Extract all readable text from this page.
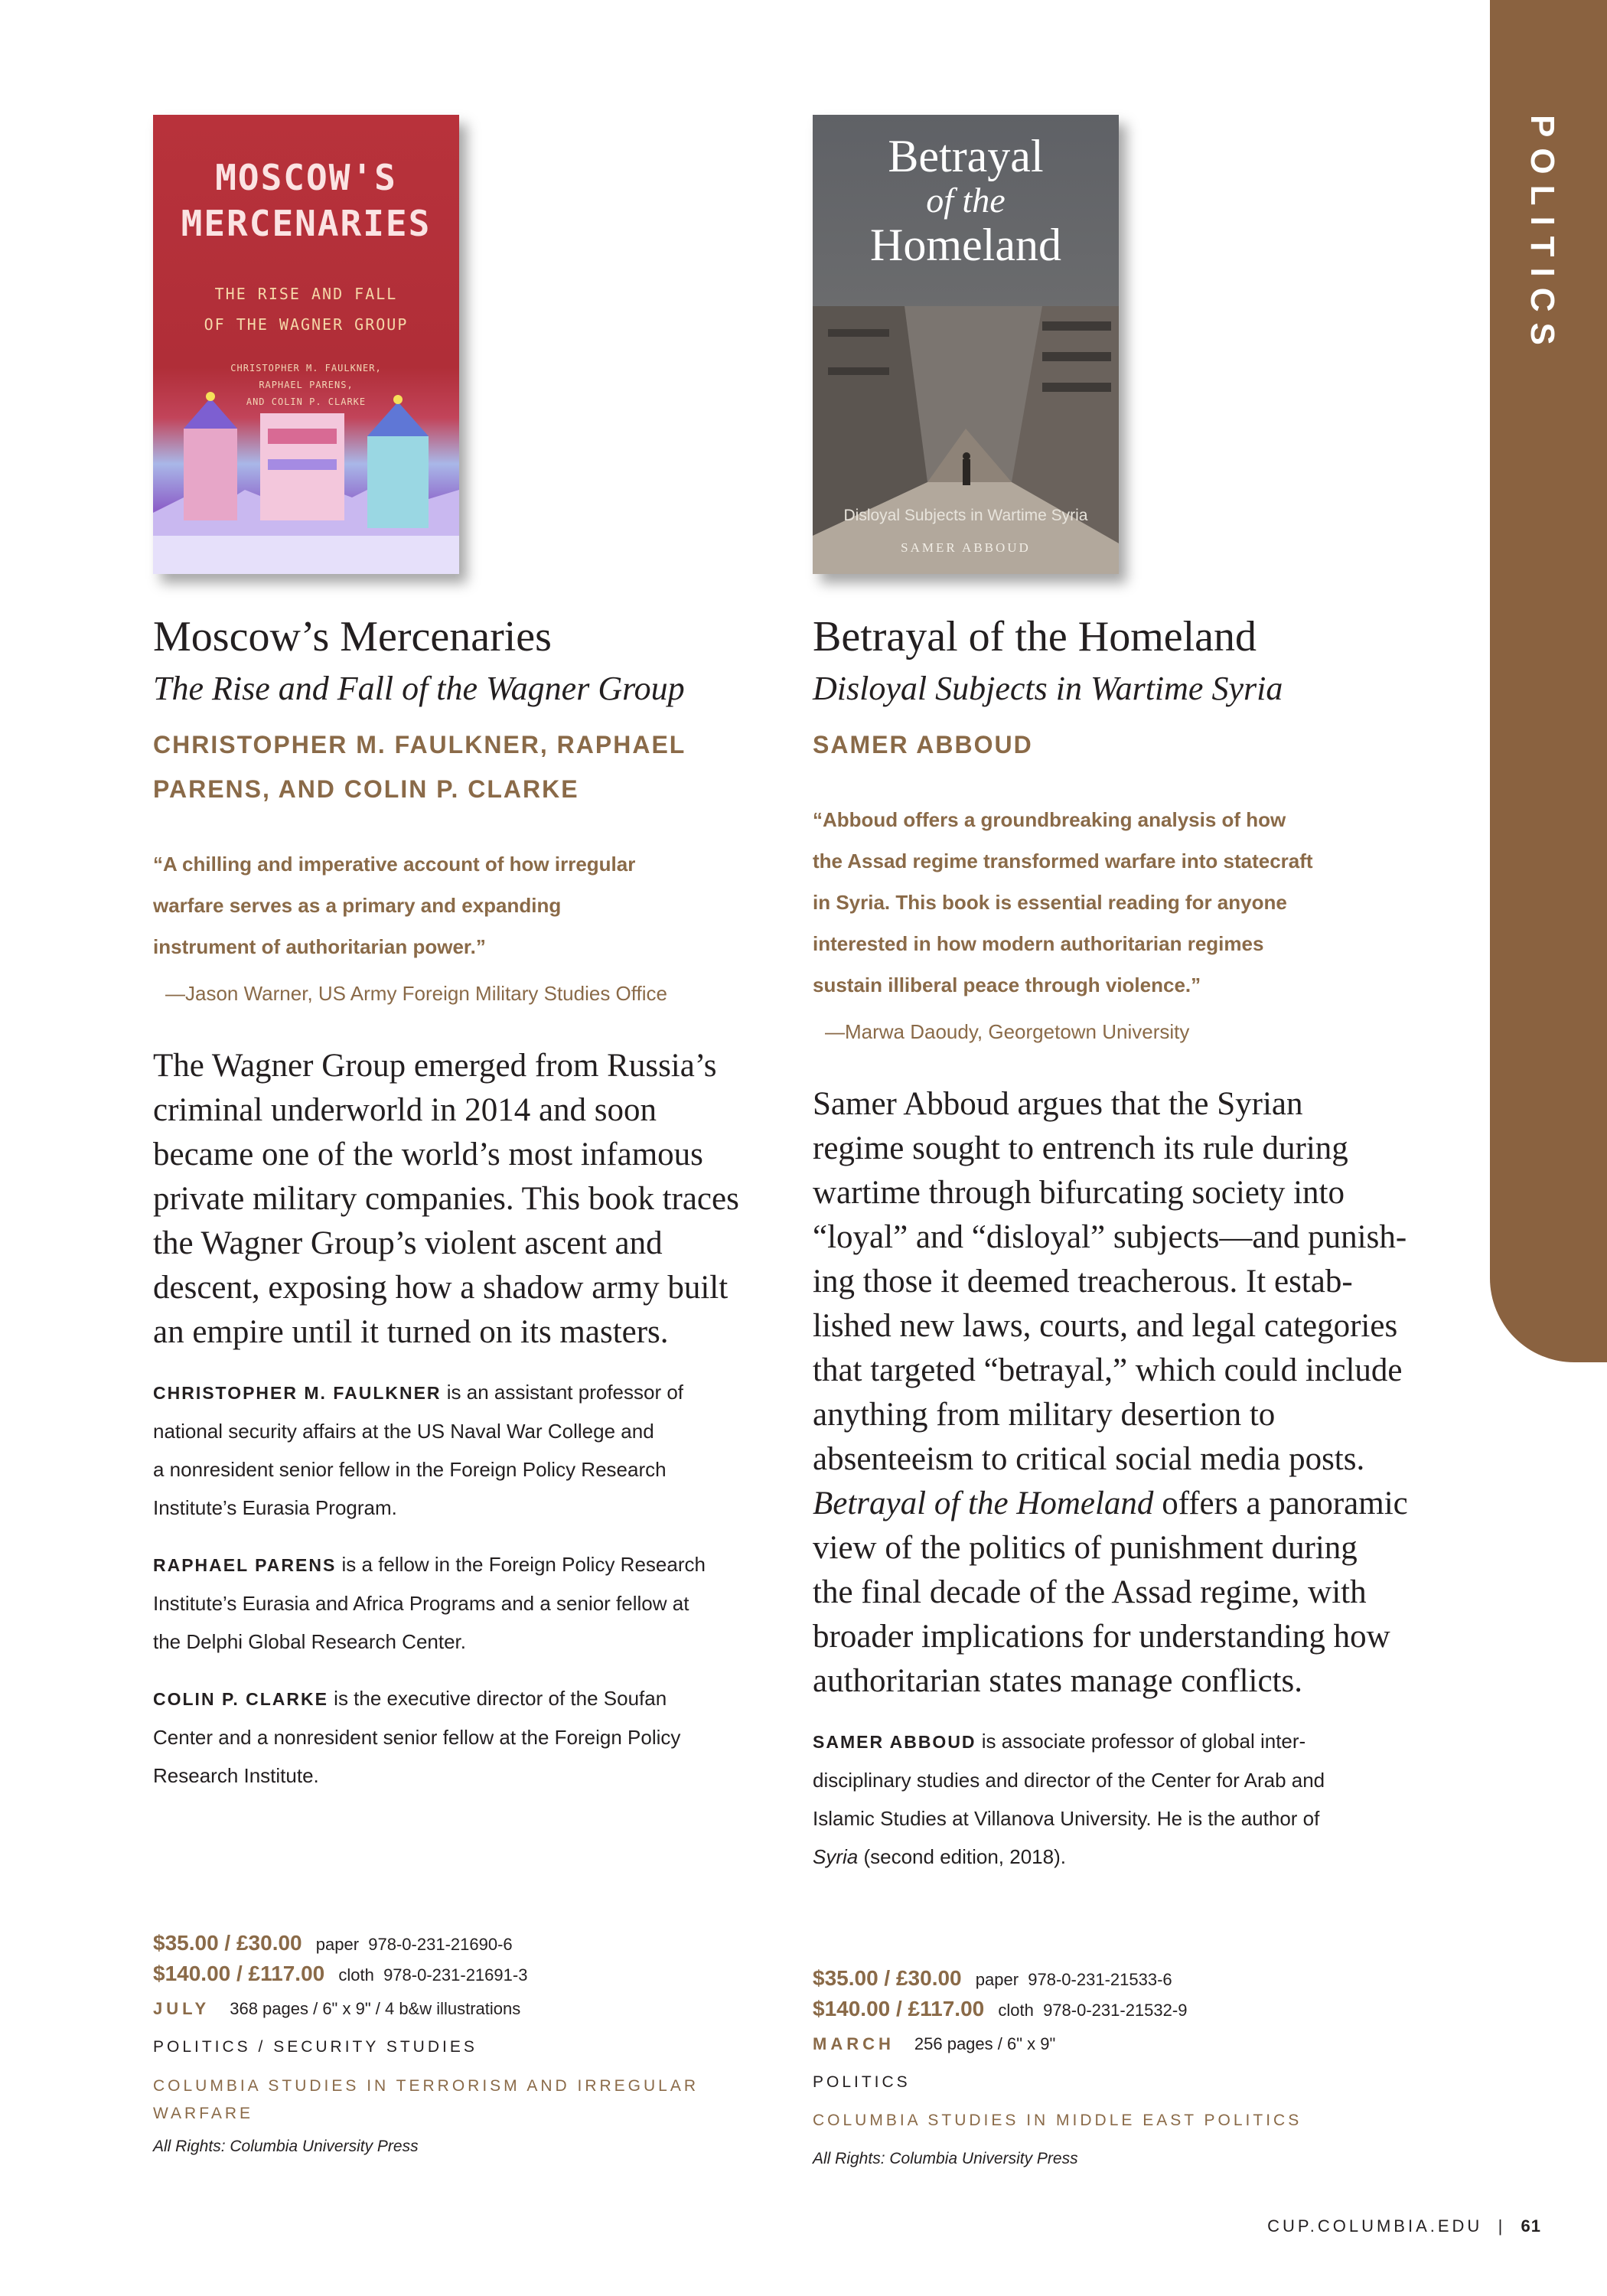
POLITICS
MOSCOW'S
MERCENARIES
THE RISE AND FALL
OF THE WAGNER GROUP
CHRISTOPHER M. FAULKNER,
RAPHAEL PARENS,
AND COLIN P. CLARKE
Moscow’s Mercenaries
The Rise and Fall of the Wagner Group
CHRISTOPHER M. FAULKNER, RAPHAEL
PARENS, AND COLIN P. CLARKE
“A chilling and imperative account of how irregular
warfare serves as a primary and expanding
instrument of authoritarian power.”
—Jason Warner, US Army Foreign Military Studies Office
The Wagner Group emerged from Russia’s
criminal underworld in 2014 and soon
became one of the world’s most infamous
private military companies. This book traces
the Wagner Group’s violent ascent and
descent, exposing how a shadow army built
an empire until it turned on its masters.
CHRISTOPHER M. FAULKNER is an assistant professor of
national security affairs at the US Naval War College and
a nonresident senior fellow in the Foreign Policy Research
Institute’s Eurasia Program.
RAPHAEL PARENS is a fellow in the Foreign Policy Research
Institute’s Eurasia and Africa Programs and a senior fellow at
the Delphi Global Research Center.
COLIN P. CLARKE is the executive director of the Soufan
Center and a nonresident senior fellow at the Foreign Policy
Research Institute.
$35.00 / £30.00 paper 978-0-231-21690-6
$140.00 / £117.00 cloth 978-0-231-21691-3
JULY 368 pages / 6" x 9" / 4 b&w illustrations
POLITICS / SECURITY STUDIES
COLUMBIA STUDIES IN TERRORISM AND IRREGULAR
WARFARE
All Rights: Columbia University Press
Betrayal
of the
Homeland
Disloyal Subjects in Wartime Syria
SAMER ABBOUD
Betrayal of the Homeland
Disloyal Subjects in Wartime Syria
SAMER ABBOUD
“Abboud offers a groundbreaking analysis of how
the Assad regime transformed warfare into statecraft
in Syria. This book is essential reading for anyone
interested in how modern authoritarian regimes
sustain illiberal peace through violence.”
—Marwa Daoudy, Georgetown University
Samer Abboud argues that the Syrian
regime sought to entrench its rule during
wartime through bifurcating society into
“loyal” and “disloyal” subjects—and punish-
ing those it deemed treacherous. It estab-
lished new laws, courts, and legal categories
that targeted “betrayal,” which could include
anything from military desertion to
absenteeism to critical social media posts.
Betrayal of the Homeland offers a panoramic
view of the politics of punishment during
the final decade of the Assad regime, with
broader implications for understanding how
authoritarian states manage conflicts.
SAMER ABBOUD is associate professor of global inter-
disciplinary studies and director of the Center for Arab and
Islamic Studies at Villanova University. He is the author of
Syria (second edition, 2018).
$35.00 / £30.00 paper 978-0-231-21533-6
$140.00 / £117.00 cloth 978-0-231-21532-9
MARCH 256 pages / 6" x 9"
POLITICS
COLUMBIA STUDIES IN MIDDLE EAST POLITICS
All Rights: Columbia University Press
CUP.COLUMBIA.EDU | 61
